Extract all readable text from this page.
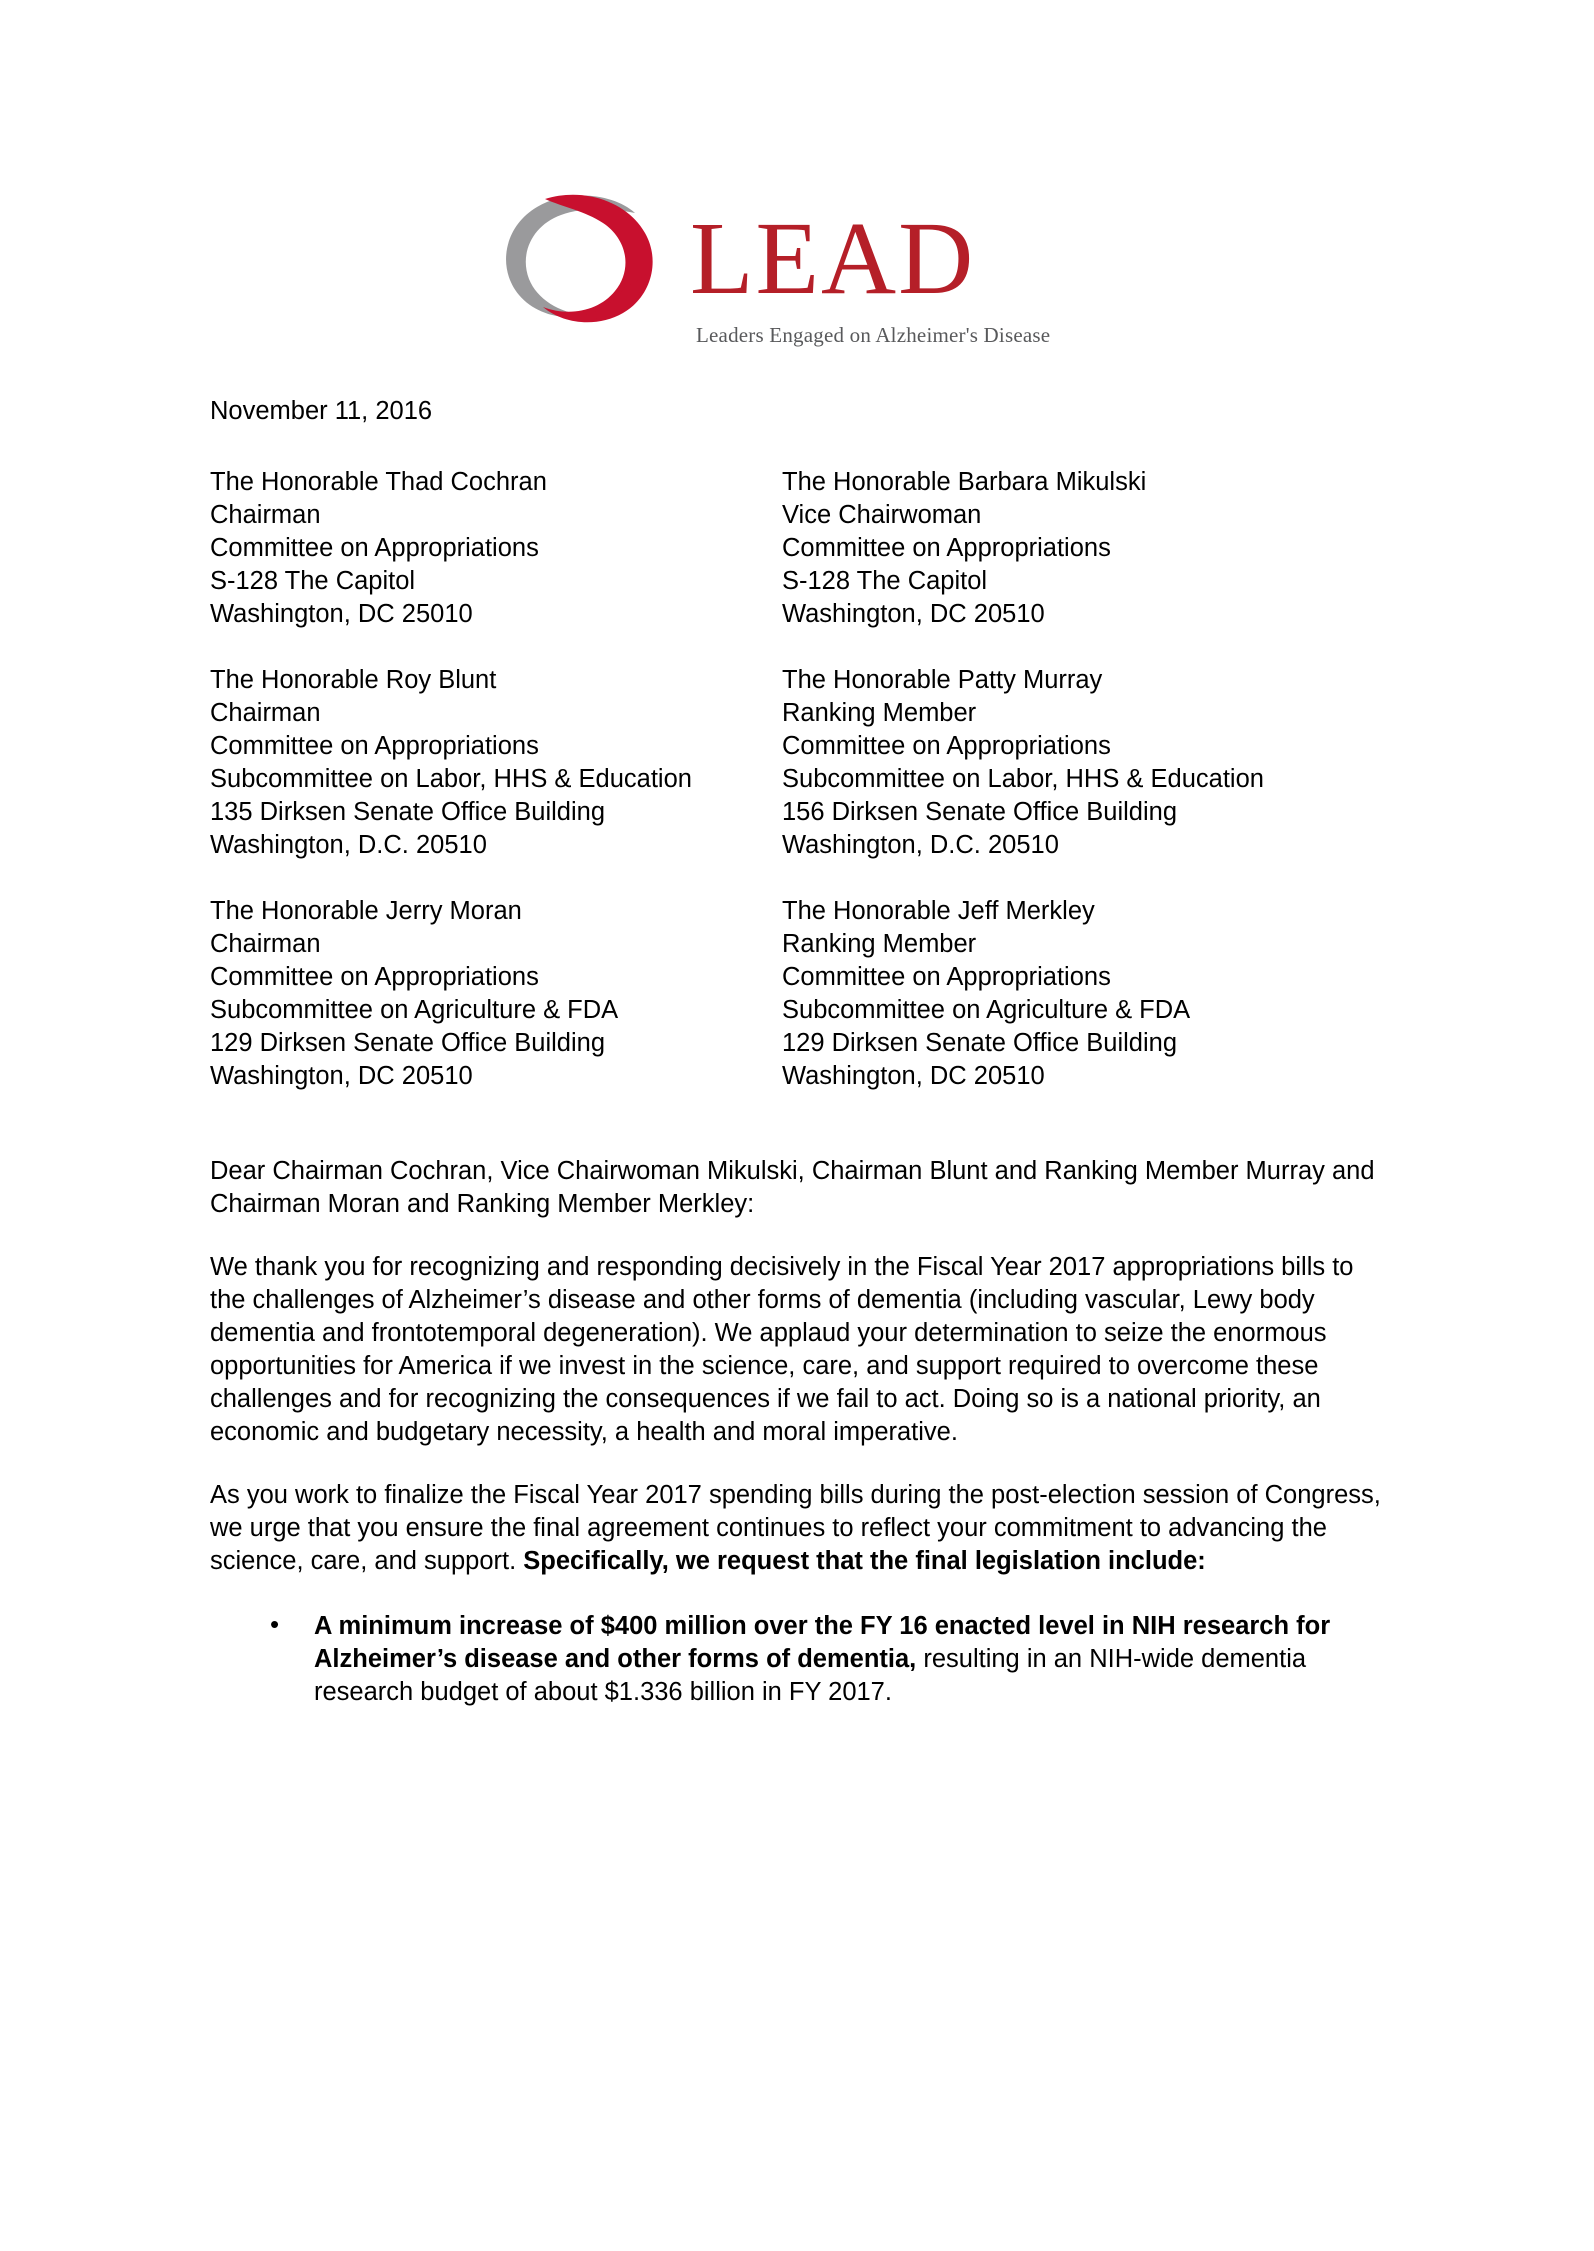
LEAD
Leaders Engaged on Alzheimer's Disease
November 11, 2016

The Honorable Thad Cochran

Chairman

Committee on Appropriations

S-128 The Capitol

Washington, DC 25010

The Honorable Barbara Mikulski

Vice Chairwoman

Committee on Appropriations

S-128 The Capitol

Washington, DC 20510

The Honorable Roy Blunt

Chairman

Committee on Appropriations

Subcommittee on Labor, HHS & Education

135 Dirksen Senate Office Building

Washington, D.C. 20510

The Honorable Patty Murray

Ranking Member

Committee on Appropriations

Subcommittee on Labor, HHS & Education

156 Dirksen Senate Office Building

Washington, D.C. 20510

The Honorable Jerry Moran

Chairman

Committee on Appropriations

Subcommittee on Agriculture & FDA

129 Dirksen Senate Office Building

Washington, DC 20510

The Honorable Jeff Merkley

Ranking Member

Committee on Appropriations

Subcommittee on Agriculture & FDA

129 Dirksen Senate Office Building

Washington, DC 20510

Dear Chairman Cochran, Vice Chairwoman Mikulski, Chairman Blunt and Ranking Member Murray and Chairman Moran and Ranking Member Merkley:
We thank you for recognizing and responding decisively in the Fiscal Year 2017 appropriations bills to the challenges of Alzheimer’s disease and other forms of dementia (including vascular, Lewy body dementia and frontotemporal degeneration). We applaud your determination to seize the enormous opportunities for America if we invest in the science, care, and support required to overcome these challenges and for recognizing the consequences if we fail to act. Doing so is a national priority, an economic and budgetary necessity, a health and moral imperative.
As you work to finalize the Fiscal Year 2017 spending bills during the post-election session of Congress, we urge that you ensure the final agreement continues to reflect your commitment to advancing the science, care, and support. Specifically, we request that the final legislation include:
• A minimum increase of $400 million over the FY 16 enacted level in NIH research for Alzheimer’s disease and other forms of dementia, resulting in an NIH-wide dementia research budget of about $1.336 billion in FY 2017.
